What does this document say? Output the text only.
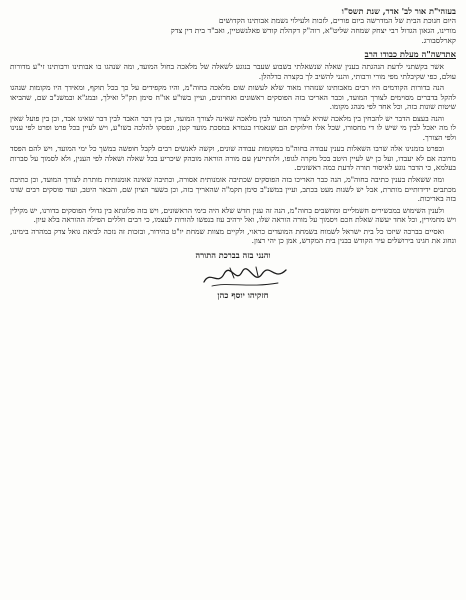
בעזהי"ת אור לב' אדר, שנת תשס"ו
היום חנוכת הבית של המדרשה ביום פורים, לזכות ולעילוי נשמת אבותינו הקדושים
מורינו, הגאון הגדול רבי יצחק שמחה שליט"א, רוה"ק דקהלת קודש פאלנשטיין, ואב"ד בית דין צדק
קארלסבורג.
אתדשה"ה מעלת כבודו הרב

אשר בקשתני לדעת הנהגתה בענין שאלה שנשאלתי בשבוע שעבר בנוגע לשאלה של מלאכה בחול המועד, ומה שנהגו בו אבותינו ורבותינו זי"ע מדורות עולם, כפי שקיבלתי מפי מורי ורבותי, והנני להשיב לך בקצרה כדלהלן.

הנה בדורות הקודמים היו רבים מאבותינו שנזהרו מאוד שלא לעשות שום מלאכה בחוה"מ, והיו מקפידים על כך בכל תוקף, ומאידך היו מקומות שנהגו להקל בדברים מסוימים לצורך המועד, וכבר האריכו בזה הפוסקים ראשונים ואחרונים, ועיין בשו"ע או"ח סימן תק"ל ואילך, ובמג"א ובמשנ"ב שם, שהביאו שיטות שונות בזה, וכל אחד לפי מנהג מקומו.

והנה בעצם הדבר יש להבחין בין מלאכה שהיא לצורך המועד לבין מלאכה שאינה לצורך המועד, וכן בין דבר האבד לבין דבר שאינו אבד, וכן בין פועל שאין לו מה יאכל לבין מי שיש לו די מחסורו, שכל אלו חילוקים הם שנאמרו בגמרא במסכת מועד קטן, ונפסקו להלכה בשו"ע, ויש לעיין בכל פרט ופרט לפי ענינו ולפי הצורך.

ובפרט בזמנינו אלה שרבו השאלות בענין עבודה בחוה"מ במקומות עבודה שונים, וקשה לאנשים רבים לקבל חופשה במשך כל ימי המועד, ויש להם הפסד מרובה אם לא יעבדו, ועל כן יש לעיין היטב בכל מקרה לגופו, ולהתייעץ עם מורה הוראה מובהק שיכריע בכל שאלה ושאלה לפי הענין, ולא לסמוך על סברות בעלמא, כי הדבר נוגע לאיסור תורה לדעת כמה ראשונים.

ומה ששאלת בענין כתיבה בחוה"מ, הנה כבר האריכו בזה הפוסקים שכתיבה אומנותית אסורה, וכתיבה שאינה אומנותית מותרת לצורך המועד, וכן כתיבת מכתבים ידידותיים מותרת, אבל יש לשנות מעט בכתב, ועיין במשנ"ב סימן תקמ"ה שהאריך בזה, וכן בשער הציון שם, והבאר היטב, ועוד פוסקים רבים שדנו בזה באריכות.

ולענין השימוש במכשירים חשמליים ומחשבים בחוה"מ, הנה זה ענין חדש שלא היה בימי הראשונים, ויש בזה פלוגתא בין גדולי הפוסקים בדורנו, יש מקילין ויש מחמירין, וכל אחד יעשה שאלת חכם ויסמוך על מורה הוראה שלו, ואל ירהיב עוז בנפשו להורות לעצמו, כי רבים חללים הפילה ההוראה בלא עיון.

ואסיים בברכה שיזכו כל בית ישראל לשמוח בשמחת המועדים כראוי, ולקיים מצוות שמחת יו"ט בהידור, ובזכות זה נזכה לביאת גואל צדק במהרה בימינו, ונחוג את חגינו בירושלים עיר הקודש בבנין בית המקדש, אמן כן יהי רצון.

והנני בזה בברכת התורה
חזקיהו יוסף כהן
